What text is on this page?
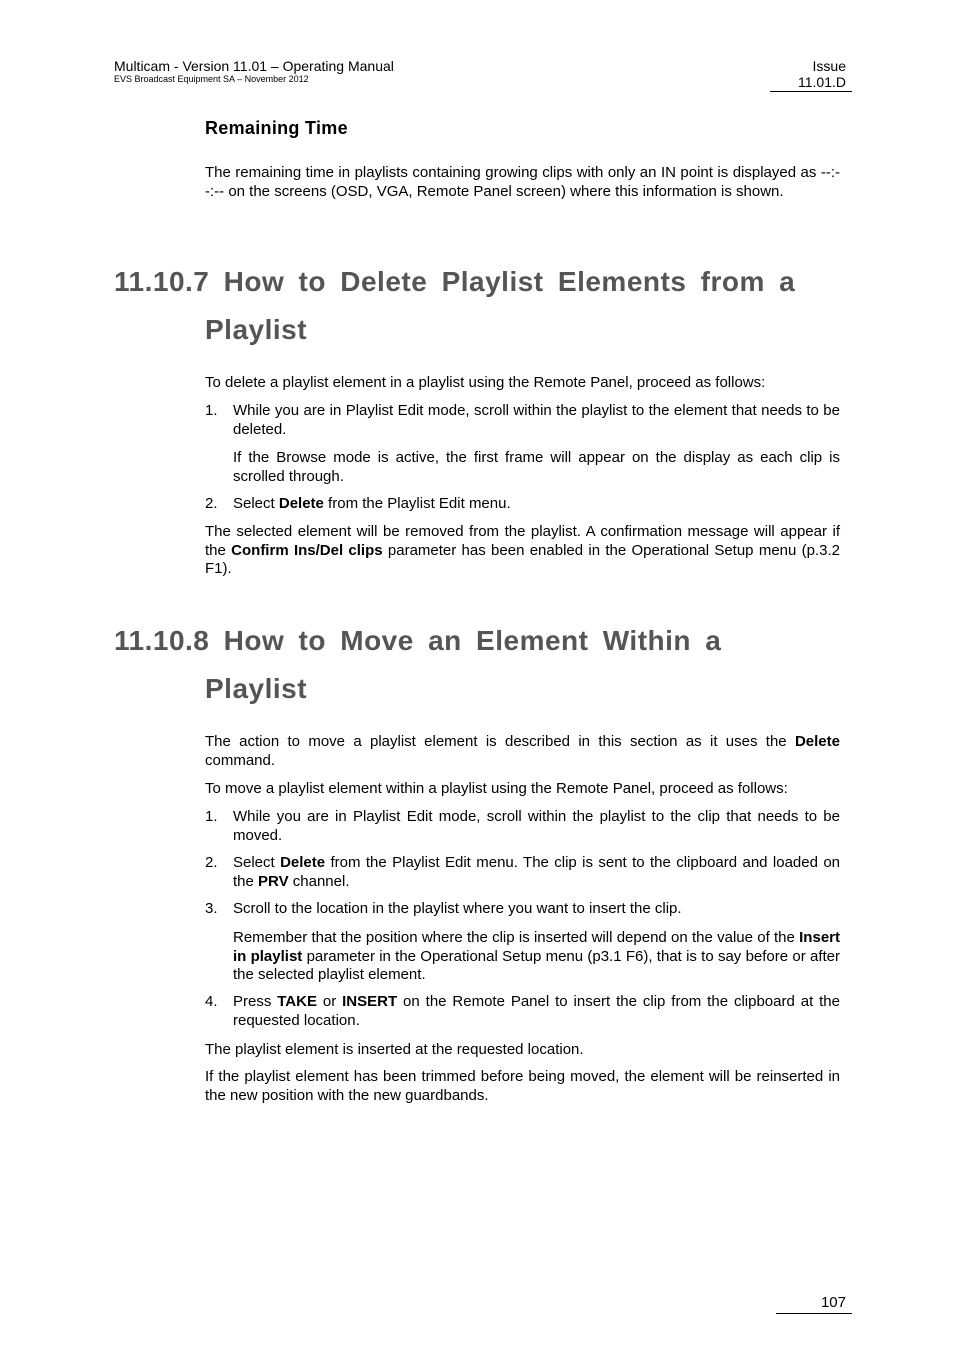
Multicam - Version 11.01 – Operating Manual
EVS Broadcast Equipment SA – November 2012
Issue
11.01.D
Remaining Time
The remaining time in playlists containing growing clips with only an IN point is displayed as --:--:-- on the screens (OSD, VGA, Remote Panel screen) where this information is shown.
11.10.7 How to Delete Playlist Elements from a
Playlist
To delete a playlist element in a playlist using the Remote Panel, proceed as follows:
1. While you are in Playlist Edit mode, scroll within the playlist to the element that needs to be deleted.
If the Browse mode is active, the first frame will appear on the display as each clip is scrolled through.
2. Select Delete from the Playlist Edit menu.
The selected element will be removed from the playlist. A confirmation message will appear if the Confirm Ins/Del clips parameter has been enabled in the Operational Setup menu (p.3.2 F1).
11.10.8 How to Move an Element Within a
Playlist
The action to move a playlist element is described in this section as it uses the Delete command.
To move a playlist element within a playlist using the Remote Panel, proceed as follows:
1. While you are in Playlist Edit mode, scroll within the playlist to the clip that needs to be moved.
2. Select Delete from the Playlist Edit menu. The clip is sent to the clipboard and loaded on the PRV channel.
3. Scroll to the location in the playlist where you want to insert the clip.
Remember that the position where the clip is inserted will depend on the value of the Insert in playlist parameter in the Operational Setup menu (p3.1 F6), that is to say before or after the selected playlist element.
4. Press TAKE or INSERT on the Remote Panel to insert the clip from the clipboard at the requested location.
The playlist element is inserted at the requested location.
If the playlist element has been trimmed before being moved, the element will be reinserted in the new position with the new guardbands.
107
